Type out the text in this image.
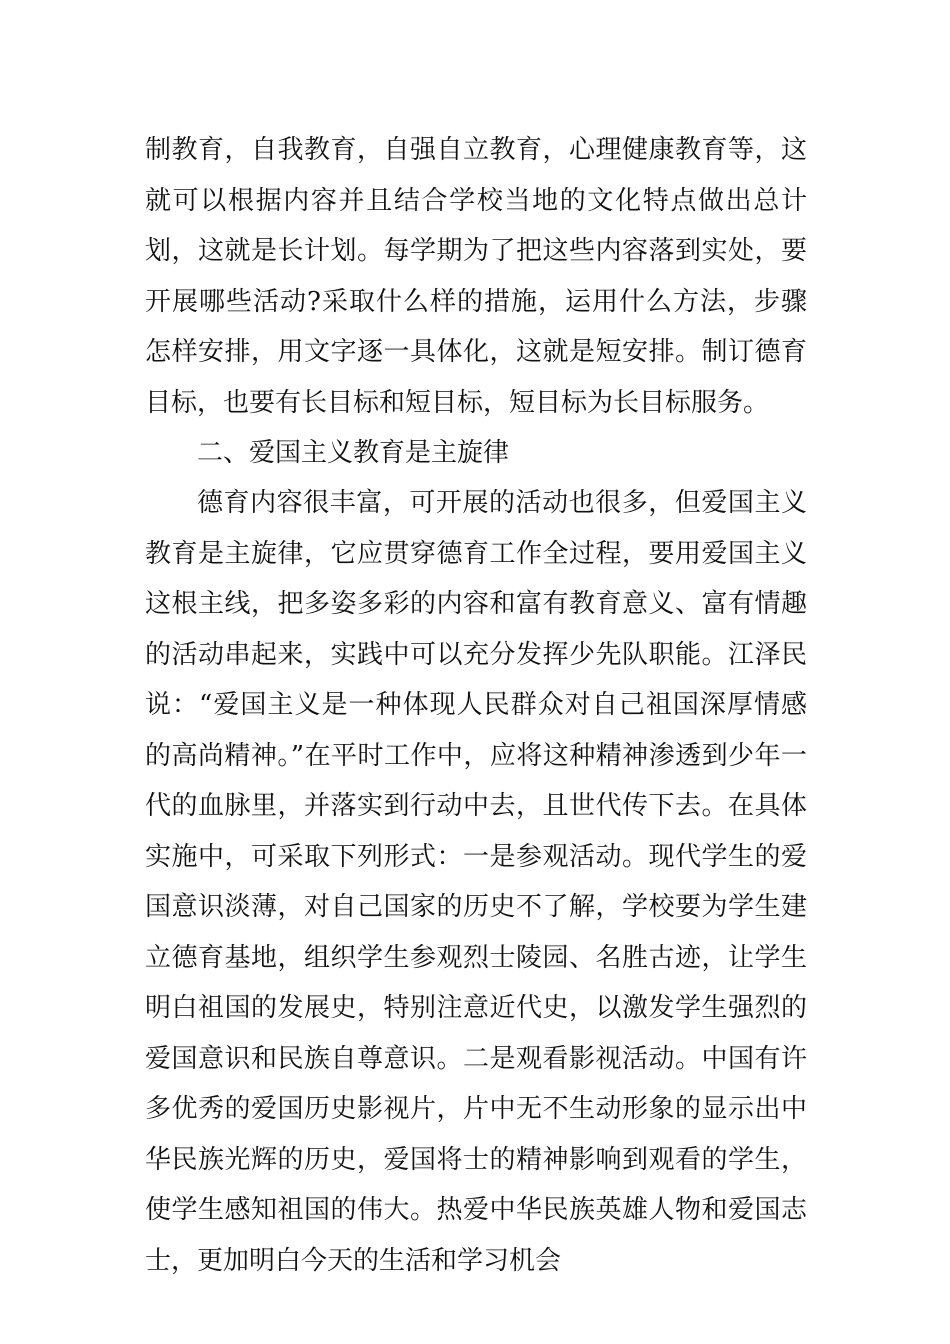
制教育，自我教育，自强自立教育，心理健康教育等，这就可以根据内容并且结合学校当地的文化特点做出总计划，这就是长计划。每学期为了把这些内容落到实处，要开展哪些活动?采取什么样的措施，运用什么方法，步骤怎样安排，用文字逐一具体化，这就是短安排。制订德育目标，也要有长目标和短目标，短目标为长目标服务。

二、爱国主义教育是主旋律

德育内容很丰富，可开展的活动也很多，但爱国主义教育是主旋律，它应贯穿德育工作全过程，要用爱国主义这根主线，把多姿多彩的内容和富有教育意义、富有情趣的活动串起来，实践中可以充分发挥少先队职能。江泽民说：“爱国主义是一种体现人民群众对自己祖国深厚情感的高尚精神。”在平时工作中，应将这种精神渗透到少年一代的血脉里，并落实到行动中去，且世代传下去。在具体实施中，可采取下列形式：一是参观活动。现代学生的爱国意识淡薄，对自己国家的历史不了解，学校要为学生建立德育基地，组织学生参观烈士陵园、名胜古迹，让学生明白祖国的发展史，特别注意近代史，以激发学生强烈的爱国意识和民族自尊意识。二是观看影视活动。中国有许多优秀的爱国历史影视片，片中无不生动形象的显示出中华民族光辉的历史，爱国将士的精神影响到观看的学生，使学生感知祖国的伟大。热爱中华民族英雄人物和爱国志士，更加明白今天的生活和学习机会
